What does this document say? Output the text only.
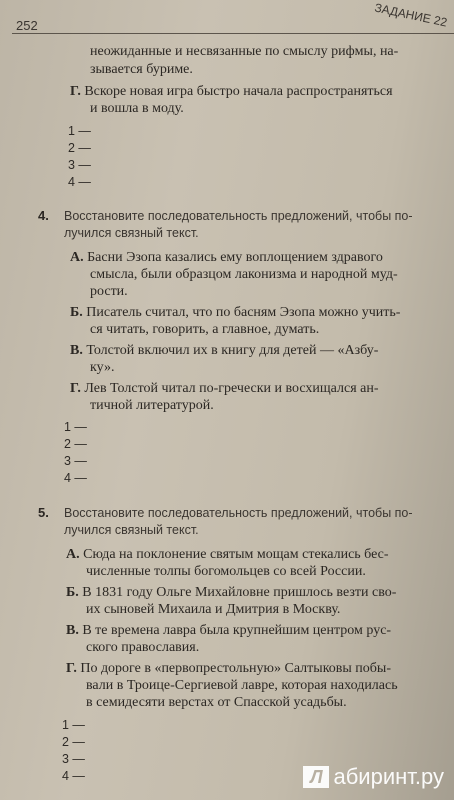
252	ЗАДАНИЕ 22
неожиданные и несвязанные по смыслу рифмы, на-
зывается буриме.
Г. Вскоре новая игра быстро начала распространяться
и вошла в моду.
1 —
2 —
3 —
4 —
4. Восстановите последовательность предложений, чтобы по-
лучился связный текст.
А. Басни Эзопа казались ему воплощением здравого
смысла, были образцом лаконизма и народной муд-
рости.
Б. Писатель считал, что по басням Эзопа можно учить-
ся читать, говорить, а главное, думать.
В. Толстой включил их в книгу для детей — «Азбу-
ку».
Г. Лев Толстой читал по-гречески и восхищался ан-
тичной литературой.
1 —
2 —
3 —
4 —
5. Восстановите последовательность предложений, чтобы по-
лучился связный текст.
А. Сюда на поклонение святым мощам стекались бес-
численные толпы богомольцев со всей России.
Б. В 1831 году Ольге Михайловне пришлось везти сво-
их сыновей Михаила и Дмитрия в Москву.
В. В те времена лавра была крупнейшим центром рус-
ского православия.
Г. По дороге в «первопрестольную» Салтыковы побы-
вали в Троице-Сергиевой лавре, которая находилась
в семидесяти верстах от Спасской усадьбы.
1 —
2 —
3 —
4 —	Л абиринт.ру
